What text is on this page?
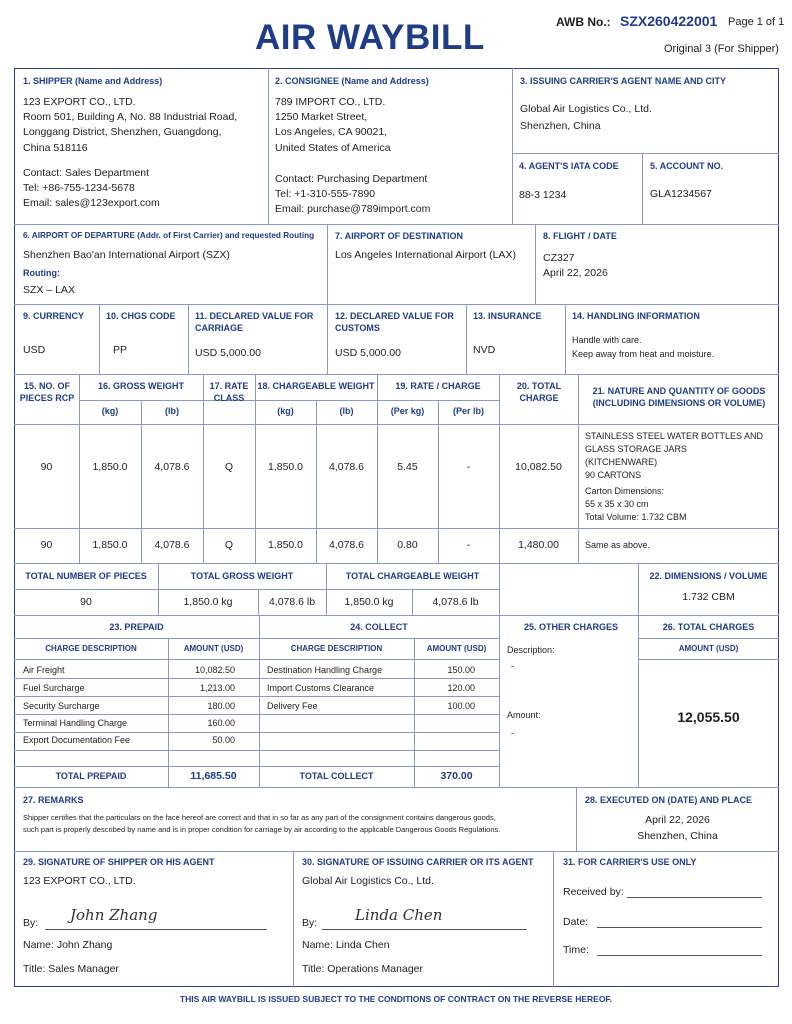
AIR WAYBILL	AWB No.: SZX260422001 Page 1 of 1
Original 3 (For Shipper)
1. SHIPPER (Name and Address)
123 EXPORT CO., LTD.
Room 501, Building A, No. 88 Industrial Road,
Longgang District, Shenzhen, Guangdong,
China 518116
Contact: Sales Department
Tel: +86-755-1234-5678
Email: sales@123export.com
2. CONSIGNEE (Name and Address)
789 IMPORT CO., LTD.
1250 Market Street,
Los Angeles, CA 90021,
United States of America
Contact: Purchasing Department
Tel: +1-310-555-7890
Email: purchase@789import.com
3. ISSUING CARRIER'S AGENT NAME AND CITY
Global Air Logistics Co., Ltd.
Shenzhen, China
4. AGENT'S IATA CODE
88-3 1234
5. ACCOUNT NO.
GLA1234567
6. AIRPORT OF DEPARTURE (Addr. of First Carrier) and requested Routing
Shenzhen Bao'an International Airport (SZX)
Routing:
SZX – LAX
7. AIRPORT OF DESTINATION
Los Angeles International Airport (LAX)
8. FLIGHT / DATE
CZ327
April 22, 2026
9. CURRENCY
USD
10. CHGS CODE
PP
11. DECLARED VALUE FOR CARRIAGE
USD 5,000.00
12. DECLARED VALUE FOR CUSTOMS
USD 5,000.00
13. INSURANCE
NVD
14. HANDLING INFORMATION
Handle with care.
Keep away from heat and moisture.
15. NO. OF PIECES RCP
16. GROSS WEIGHT
(kg)	(lb)
17. RATE CLASS
18. CHARGEABLE WEIGHT
(kg)	(lb)
19. RATE / CHARGE
(Per kg)	(Per lb)
20. TOTAL CHARGE
21. NATURE AND QUANTITY OF GOODS (INCLUDING DIMENSIONS OR VOLUME)
90	1,850.0	4,078.6	Q	1,850.0	4,078.6	5.45	-	10,082.50
STAINLESS STEEL WATER BOTTLES AND
GLASS STORAGE JARS
(KITCHENWARE)
90 CARTONS
Carton Dimensions:
55 x 35 x 30 cm
Total Volume: 1.732 CBM
90	1,850.0	4,078.6	Q	1,850.0	4,078.6	0.80	-	1,480.00	Same as above.
TOTAL NUMBER OF PIECES
90
TOTAL GROSS WEIGHT
1,850.0 kg	4,078.6 lb
TOTAL CHARGEABLE WEIGHT
1,850.0 kg	4,078.6 lb
22. DIMENSIONS / VOLUME
1.732 CBM
23. PREPAID
CHARGE DESCRIPTION	AMOUNT (USD)
Air Freight	10,082.50
Fuel Surcharge	1,213.00
Security Surcharge	180.00
Terminal Handling Charge	160.00
Export Documentation Fee	50.00
TOTAL PREPAID	11,685.50
24. COLLECT
CHARGE DESCRIPTION	AMOUNT (USD)
Destination Handling Charge	150.00
Import Customs Clearance	120.00
Delivery Fee	100.00
TOTAL COLLECT	370.00
25. OTHER CHARGES
Description:
-
Amount:
-
26. TOTAL CHARGES
AMOUNT (USD)
12,055.50
27. REMARKS
Shipper certifies that the particulars on the face hereof are correct and that in so far as any part of the consignment contains dangerous goods,
such part is properly described by name and is in proper condition for carriage by air according to the applicable Dangerous Goods Regulations.
28. EXECUTED ON (DATE) AND PLACE
April 22, 2026
Shenzhen, China
29. SIGNATURE OF SHIPPER OR HIS AGENT
123 EXPORT CO., LTD.
By: John Zhang
Name: John Zhang
Title: Sales Manager
30. SIGNATURE OF ISSUING CARRIER OR ITS AGENT
Global Air Logistics Co., Ltd.
By:	Linda Chen
Name: Linda Chen
Title: Operations Manager
31. FOR CARRIER'S USE ONLY
Received by:
Date:
Time:
THIS AIR WAYBILL IS ISSUED SUBJECT TO THE CONDITIONS OF CONTRACT ON THE REVERSE HEREOF.
